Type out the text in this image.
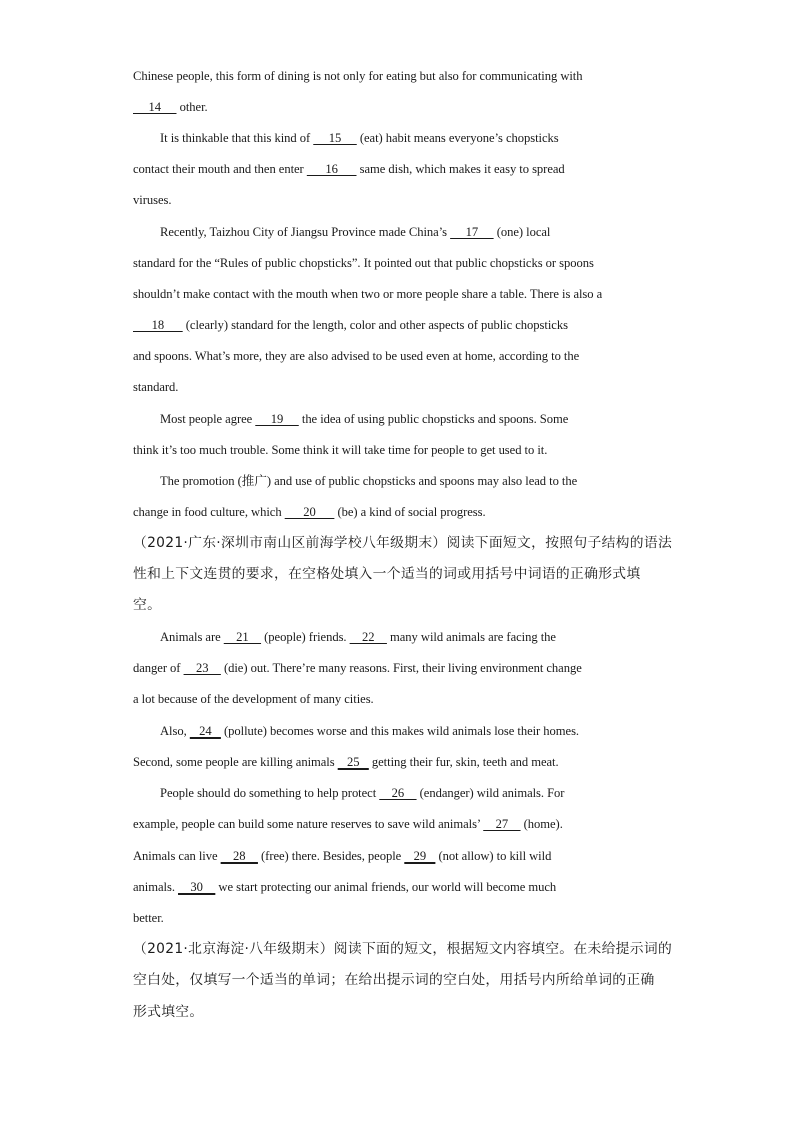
Chinese people, this form of dining is not only for eating but also for communicating with
14      other.
It is thinkable that this kind of      15      (eat) habit means everyone’s chopsticks
contact their mouth and then enter       16       same dish, which makes it easy to spread
viruses.
Recently, Taizhou City of Jiangsu Province made China’s      17      (one) local
standard for the “Rules of public chopsticks”. It pointed out that public chopsticks or spoons
shouldn’t make contact with the mouth when two or more people share a table. There is also a
18       (clearly) standard for the length, color and other aspects of public chopsticks
and spoons. What’s more, they are also advised to be used even at home, according to the
standard.
Most people agree      19      the idea of using public chopsticks and spoons. Some
think it’s too much trouble. Some think it will take time for people to get used to it.
The promotion (推广) and use of public chopsticks and spoons may also lead to the
change in food culture, which       20       (be) a kind of social progress.
（2021·广东·深圳市南山区前海学校八年级期末）阅读下面短文，按照句子结构的语法
性和上下文连贯的要求，在空格处填入一个适当的词或用括号中词语的正确形式填
空。
Animals are     21     (people) friends.     22     many wild animals are facing the
danger of     23     (die) out. There’re many reasons. First, their living environment change
a lot because of the development of many cities.
Also,    24    (pollute) becomes worse and this makes wild animals lose their homes.
Second, some people are killing animals    25    getting their fur, skin, teeth and meat.
People should do something to help protect     26     (endanger) wild animals. For
example, people can build some nature reserves to save wild animals’     27     (home).
Animals can live     28     (free) there. Besides, people    29    (not allow) to kill wild
animals.     30     we start protecting our animal friends, our world will become much
better.
（2021·北京海淀·八年级期末）阅读下面的短文，根据短文内容填空。在未给提示词的
空白处，仅填写一个适当的单词；在给出提示词的空白处，用括号内所给单词的正确
形式填空。
